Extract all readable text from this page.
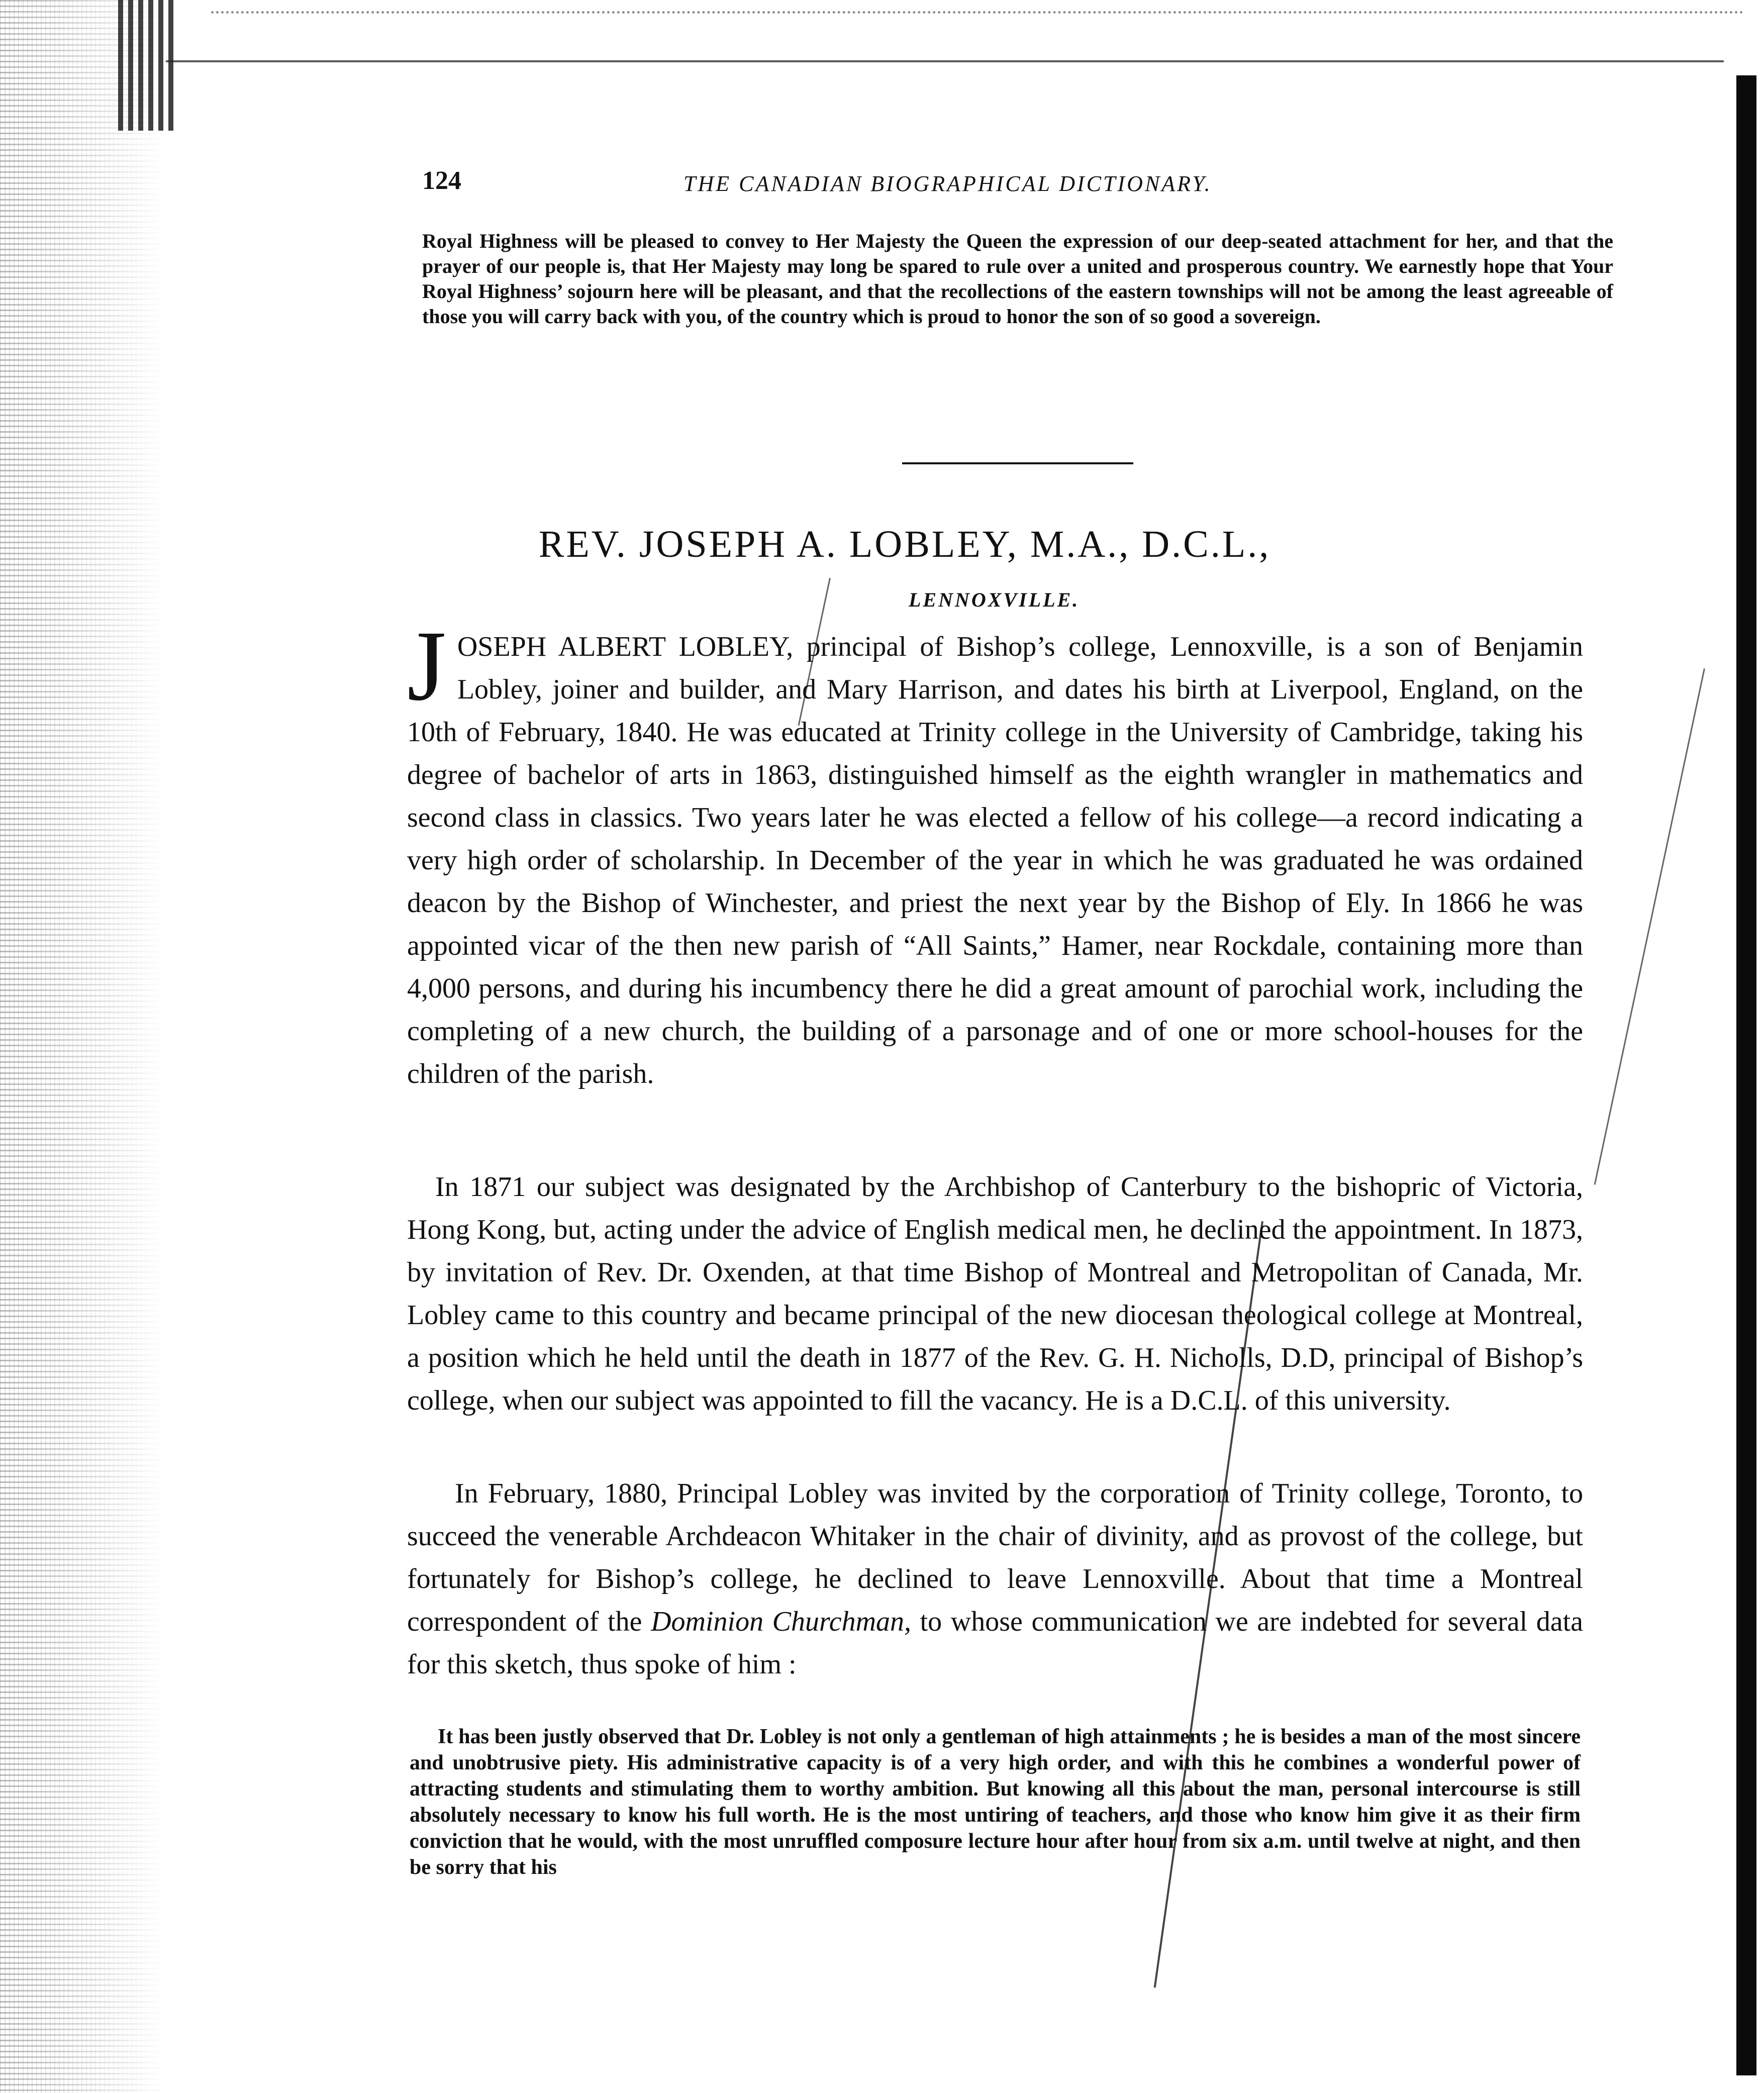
124	THE CANADIAN BIOGRAPHICAL DICTIONARY.

Royal Highness will be pleased to convey to Her Majesty the Queen the expression of our deep-seated attachment for her, and that the prayer of our people is, that Her Majesty may long be spared to rule over a united and prosperous country. We earnestly hope that Your Royal Highness’ sojourn here will be pleasant, and that the recollections of the eastern townships will not be among the least agreeable of those you will carry back with you, of the country which is proud to honor the son of so good a sovereign.

REV. JOSEPH A. LOBLEY, M.A., D.C.L.,
LENNOXVILLE.

JOSEPH ALBERT LOBLEY, principal of Bishop’s college, Lennoxville, is a son of Benjamin Lobley, joiner and builder, and Mary Harrison, and dates his birth at Liverpool, England, on the 10th of February, 1840. He was educated at Trinity college in the University of Cambridge, taking his degree of bachelor of arts in 1863, distinguished himself as the eighth wrangler in mathematics and second class in classics. Two years later he was elected a fellow of his college—a record indicating a very high order of scholarship. In December of the year in which he was graduated he was ordained deacon by the Bishop of Winchester, and priest the next year by the Bishop of Ely. In 1866 he was appointed vicar of the then new parish of “All Saints,” Hamer, near Rockdale, containing more than 4,000 persons, and during his incumbency there he did a great amount of parochial work, including the completing of a new church, the building of a parsonage and of one or more school-houses for the children of the parish.

In 1871 our subject was designated by the Archbishop of Canterbury to the bishopric of Victoria, Hong Kong, but, acting under the advice of English medical men, he declined the appointment. In 1873, by invitation of Rev. Dr. Oxenden, at that time Bishop of Montreal and Metropolitan of Canada, Mr. Lobley came to this country and became principal of the new diocesan theological college at Montreal, a position which he held until the death in 1877 of the Rev. G. H. Nicholls, D.D, principal of Bishop’s college, when our subject was appointed to fill the vacancy. He is a D.C.L. of this university.

In February, 1880, Principal Lobley was invited by the corporation of Trinity college, Toronto, to succeed the venerable Archdeacon Whitaker in the chair of divinity, and as provost of the college, but fortunately for Bishop’s college, he declined to leave Lennoxville. About that time a Montreal correspondent of the Dominion Churchman, to whose communication we are indebted for several data for this sketch, thus spoke of him :

It has been justly observed that Dr. Lobley is not only a gentleman of high attainments ; he is besides a man of the most sincere and unobtrusive piety. His administrative capacity is of a very high order, and with this he combines a wonderful power of attracting students and stimulating them to worthy ambition. But knowing all this about the man, personal intercourse is still absolutely necessary to know his full worth. He is the most untiring of teachers, and those who know him give it as their firm conviction that he would, with the most unruffled composure lecture hour after hour from six a.m. until twelve at night, and then be sorry that his
